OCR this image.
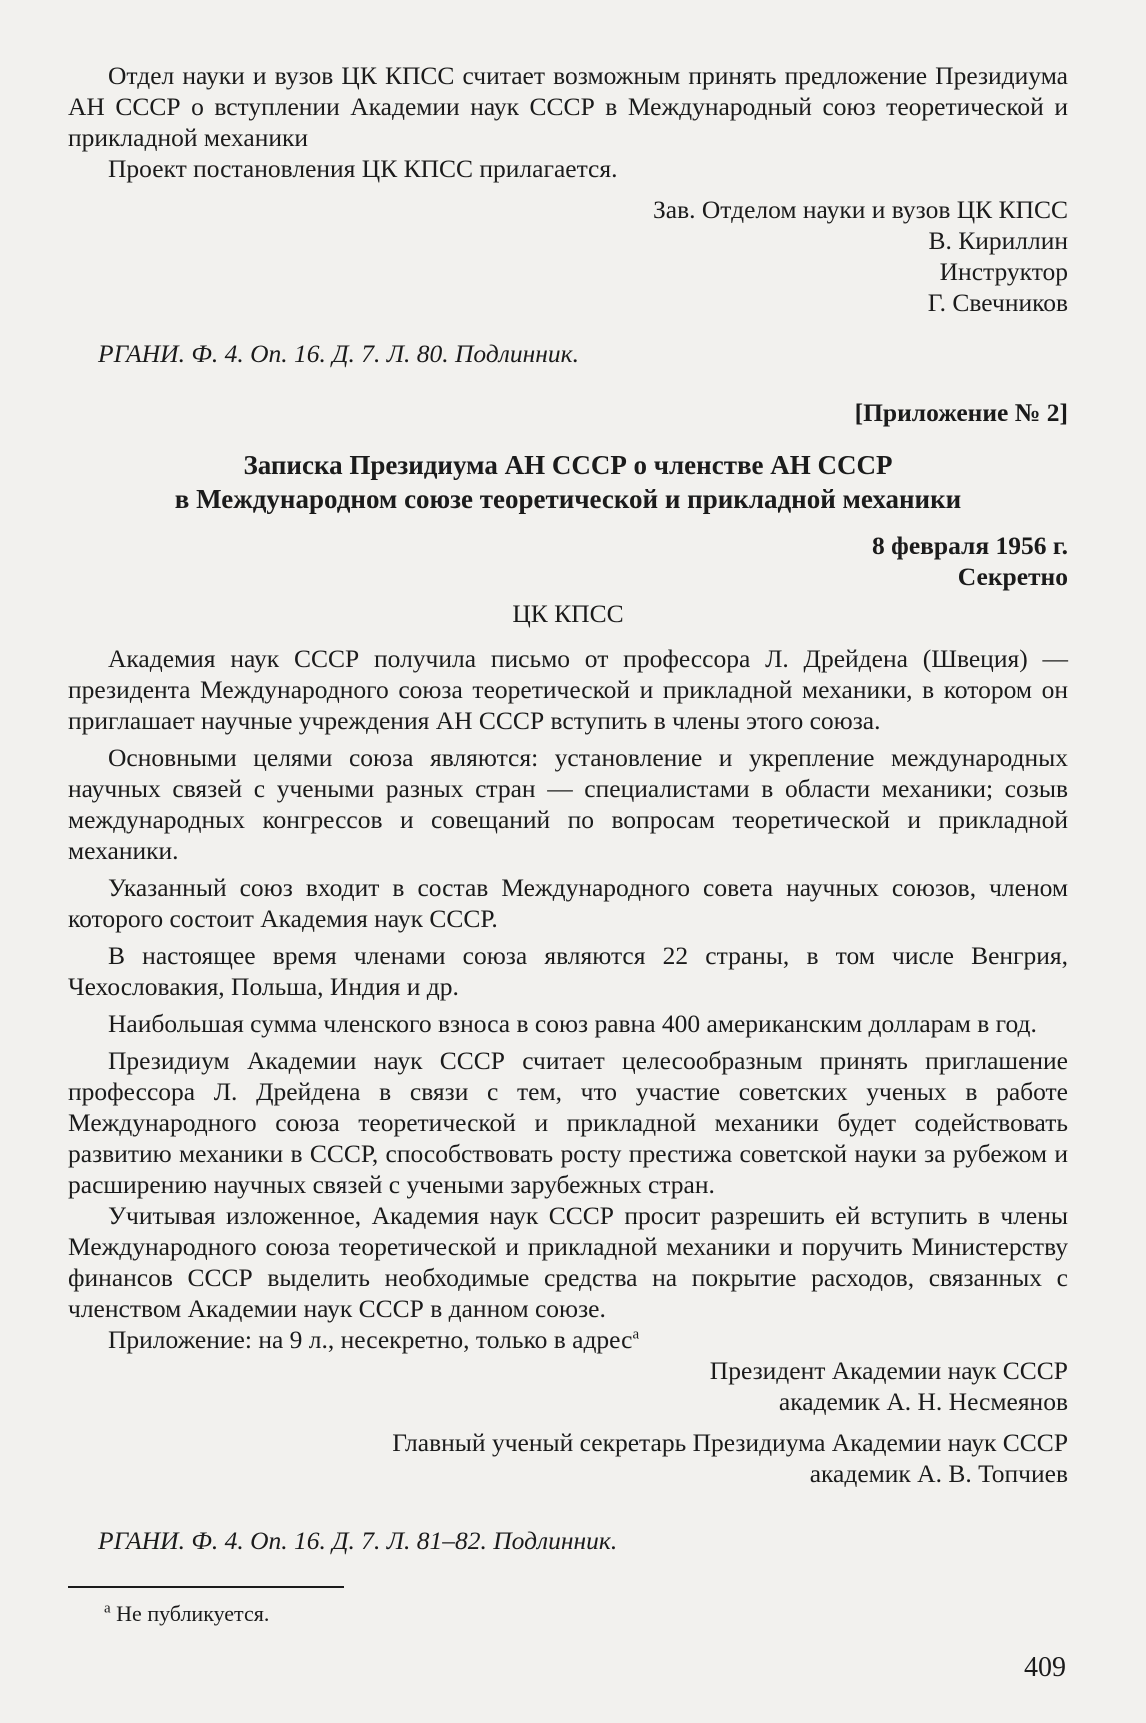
Отдел науки и вузов ЦК КПСС считает возможным принять предложение Президиума АН СССР о вступлении Академии наук СССР в Международный союз теоретической и прикладной механики

Проект постановления ЦК КПСС прилагается.

Зав. Отделом науки и вузов ЦК КПСС

В. Кириллин

Инструктор

Г. Свечников

РГАНИ. Ф. 4. Оп. 16. Д. 7. Л. 80. Подлинник.

[Приложение № 2]

Записка Президиума АН СССР о членстве АН СССР

в Международном союзе теоретической и прикладной механики

8 февраля 1956 г.

Секретно

ЦК КПСС

Академия наук СССР получила письмо от профессора Л. Дрейдена (Швеция) — президента Международного союза теоретической и прикладной механики, в котором он приглашает научные учреждения АН СССР вступить в члены этого союза.

Основными целями союза являются: установление и укрепление международных научных связей с учеными разных стран — специалистами в области механики; созыв международных конгрессов и совещаний по вопросам теоретической и прикладной механики.

Указанный союз входит в состав Международного совета научных союзов, членом которого состоит Академия наук СССР.

В настоящее время членами союза являются 22 страны, в том числе Венгрия, Чехословакия, Польша, Индия и др.

Наибольшая сумма членского взноса в союз равна 400 американским долларам в год.

Президиум Академии наук СССР считает целесообразным принять приглашение профессора Л. Дрейдена в связи с тем, что участие советских ученых в работе Международного союза теоретической и прикладной механики будет содействовать развитию механики в СССР, способствовать росту престижа советской науки за рубежом и расширению научных связей с учеными зарубежных стран.

Учитывая изложенное, Академия наук СССР просит разрешить ей вступить в члены Международного союза теоретической и прикладной механики и поручить Министерству финансов СССР выделить необходимые средства на покрытие расходов, связанных с членством Академии наук СССР в данном союзе.

Приложение: на 9 л., несекретно, только в адрес$^а$

Президент Академии наук СССР

академик А. Н. Несмеянов

Главный ученый секретарь Президиума Академии наук СССР

академик А. В. Топчиев

РГАНИ. Ф. 4. Оп. 16. Д. 7. Л. 81–82. Подлинник.

$^а$ Не публикуется.

409
